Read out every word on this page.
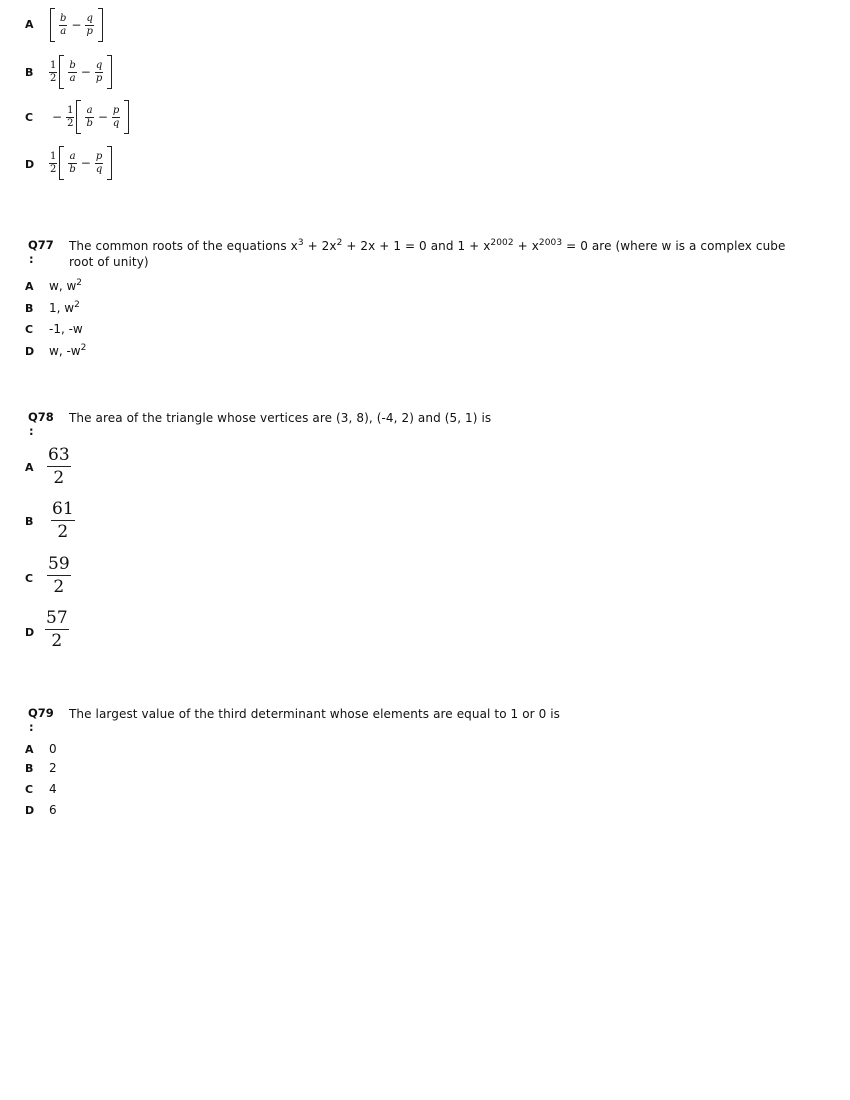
A	$\frac{b}{a} - \frac{q}{p}$
B $\frac{1}{2} \frac{b}{a} - \frac{q}{p}$
$C - \frac{1}{2} \frac{a}{b} - \frac{p}{q}$
D $\frac{1}{2} \frac{a}{b} - \frac{p}{q}$
Q77
:
The common roots of the equations $x^3 + 2x^2 + 2x + 1 = 0$ and $1 + x^{2002} + x^{2003} = 0$ are (where w is a complex cube
root of unity)
A w, $w^2$
B 1, $w^2$
C -1, -w
D w, $-w^2$
Q78
:
The area of the triangle whose vertices are (3, 8), (-4, 2) and (5, 1) is
A $\frac{63}{2}$
B $\frac{61}{2}$
C $\frac{59}{2}$
D $\frac{57}{2}$
Q79
:
The largest value of the third determinant whose elements are equal to 1 or 0 is
A 0
B 2
C 4
D 6
